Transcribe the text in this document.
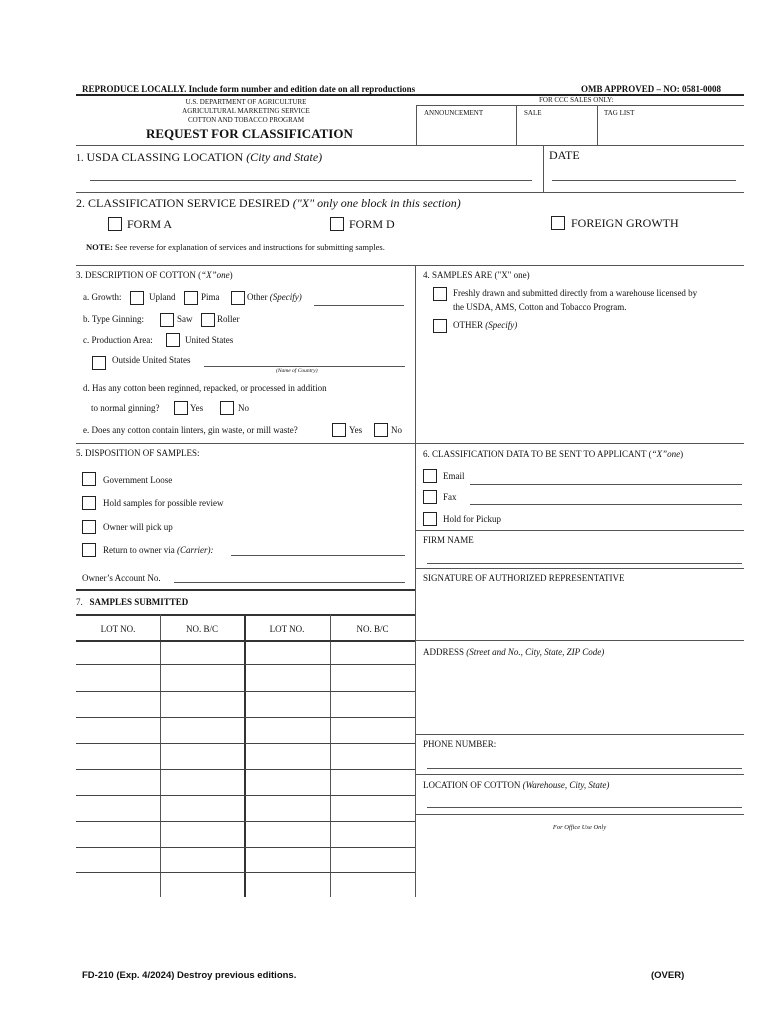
REPRODUCE LOCALLY. Include form number and edition date on all reproductions	OMB APPROVED – NO: 0581-0008
U.S. DEPARTMENT OF AGRICULTURE
AGRICULTURAL MARKETING SERVICE
COTTON AND TOBACCO PROGRAM
REQUEST FOR CLASSIFICATION
FOR CCC SALES ONLY:
ANNOUNCEMENT	SALE	TAG LIST
1. USDA CLASSING LOCATION (City and State)	DATE
2. CLASSIFICATION SERVICE DESIRED ("X" only one block in this section)
FORM A	FORM D	FOREIGN GROWTH
NOTE: See reverse for explanation of services and instructions for submitting samples.
3. DESCRIPTION OF COTTON (“X”one)
a. Growth:	Upland	Pima	Other (Specify)
b. Type Ginning:	Saw	Roller
c. Production Area:	United States
Outside United States
(Name of Country)
d. Has any cotton been reginned, repacked, or processed in addition
to normal ginning?	Yes	No
e. Does any cotton contain linters, gin waste, or mill waste?	Yes	No
4. SAMPLES ARE ("X" one)
Freshly drawn and submitted directly from a warehouse licensed by
the USDA, AMS, Cotton and Tobacco Program.
OTHER (Specify)
5. DISPOSITION OF SAMPLES:
Government Loose
Hold samples for possible review
Owner will pick up
Return to owner via (Carrier):
Owner’s Account No.
6. CLASSIFICATION DATA TO BE SENT TO APPLICANT (“X”one)
Email
Fax
Hold for Pickup
FIRM NAME
SIGNATURE OF AUTHORIZED REPRESENTATIVE
ADDRESS (Street and No., City, State, ZIP Code)
PHONE NUMBER:
LOCATION OF COTTON (Warehouse, City, State)
For Office Use Only
7. SAMPLES SUBMITTED
LOT NO.	NO. B/C	LOT NO.	NO. B/C
FD-210 (Exp. 4/2024) Destroy previous editions.	(OVER)
